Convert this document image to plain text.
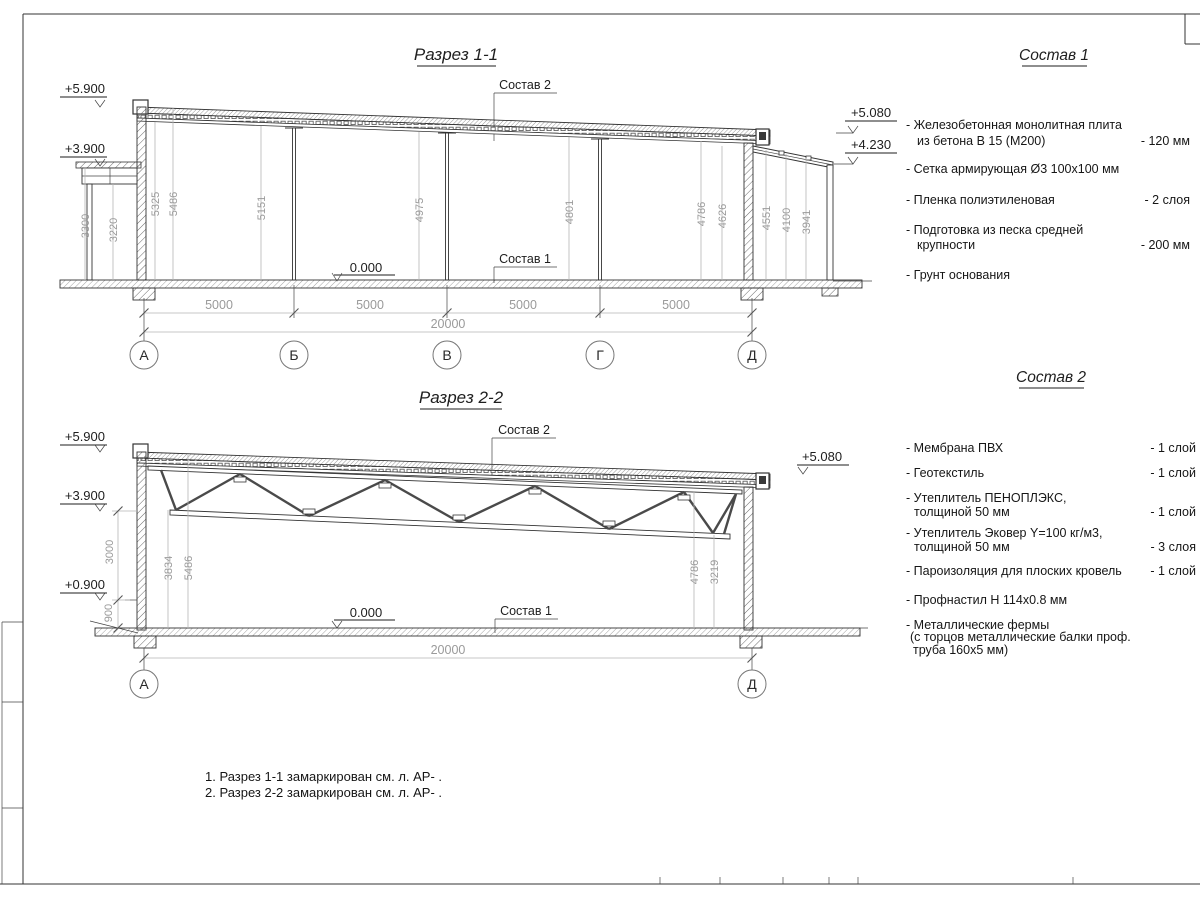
Разрез 1-1
Состав 2
Состав 1
0.000
+5.900
+3.900
+5.080
+4.230
3300 3220
5325 5486	5151	4975	4801	4786 4626	4551 4100 3941
5000	5000	5000	5000
20000
А	Б	В	Г	Д
Разрез 2-2
Состав 2
Состав 1
0.000
+5.900
+3.900
+0.900
+5.080
3000
900
3834 5486	4786 3219
20000
А	Д
Состав 1
- Железобетонная монолитная плита
из бетона В 15 (М200)	- 120 мм
- Сетка армирующая Ø3 100x100 мм
- Пленка полиэтиленовая	- 2 слоя
- Подготовка из песка средней
крупности	- 200 мм
- Грунт основания
Состав 2
- Мембрана ПВХ	- 1 слой
- Геотекстиль	- 1 слой
- Утеплитель ПЕНОПЛЭКС,
толщиной 50 мм	- 1 слой
- Утеплитель Эковер Y=100 кг/м3,
толщиной 50 мм	- 3 слоя
- Пароизоляция для плоских кровель - 1 слой
- Профнастил Н 114x0.8 мм
- Металлические фермы
(с торцов металлические балки проф.
труба 160x5 мм)
1. Разрез 1-1 замаркирован см. л. АР- .
2. Разрез 2-2 замаркирован см. л. АР- .
